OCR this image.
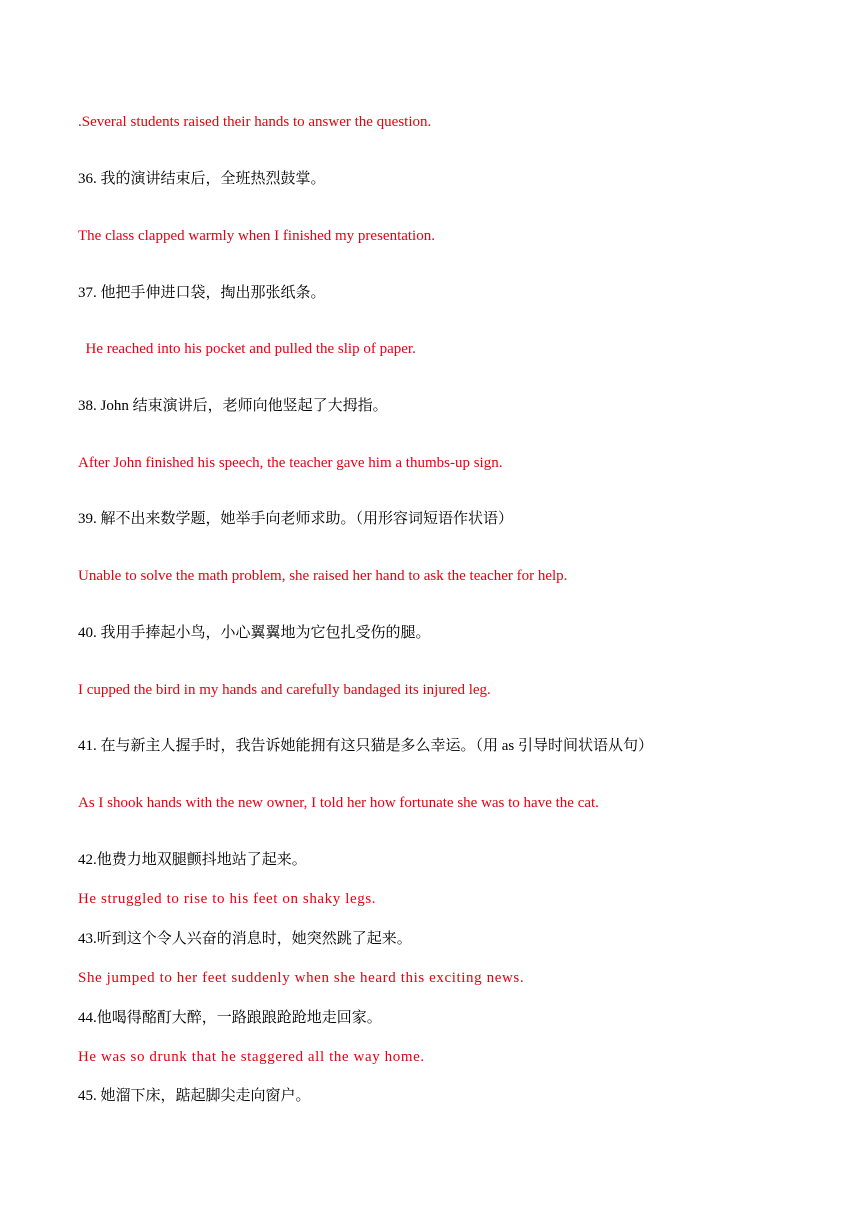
.Several students raised their hands to answer the question.
36. 我的演讲结束后，全班热烈鼓掌。
The class clapped warmly when I finished my presentation.
37. 他把手伸进口袋，掏出那张纸条。
He reached into his pocket and pulled the slip of paper.
38. John 结束演讲后，老师向他竖起了大拇指。
After John finished his speech, the teacher gave him a thumbs-up sign.
39. 解不出来数学题，她举手向老师求助。（用形容词短语作状语）
Unable to solve the math problem, she raised her hand to ask the teacher for help.
40. 我用手捧起小鸟，小心翼翼地为它包扎受伤的腿。
I cupped the bird in my hands and carefully bandaged its injured leg.
41. 在与新主人握手时，我告诉她能拥有这只猫是多么幸运。（用 as 引导时间状语从句）
As I shook hands with the new owner, I told her how fortunate she was to have the cat.
42.他费力地双腿颤抖地站了起来。
He struggled to rise to his feet on shaky legs.
43.听到这个令人兴奋的消息时，她突然跳了起来。
She jumped to her feet suddenly when she heard this exciting news.
44.他喝得酩酊大醉，一路踉踉跄跄地走回家。
He was so drunk that he staggered all the way home.
45. 她溜下床，踮起脚尖走向窗户。
